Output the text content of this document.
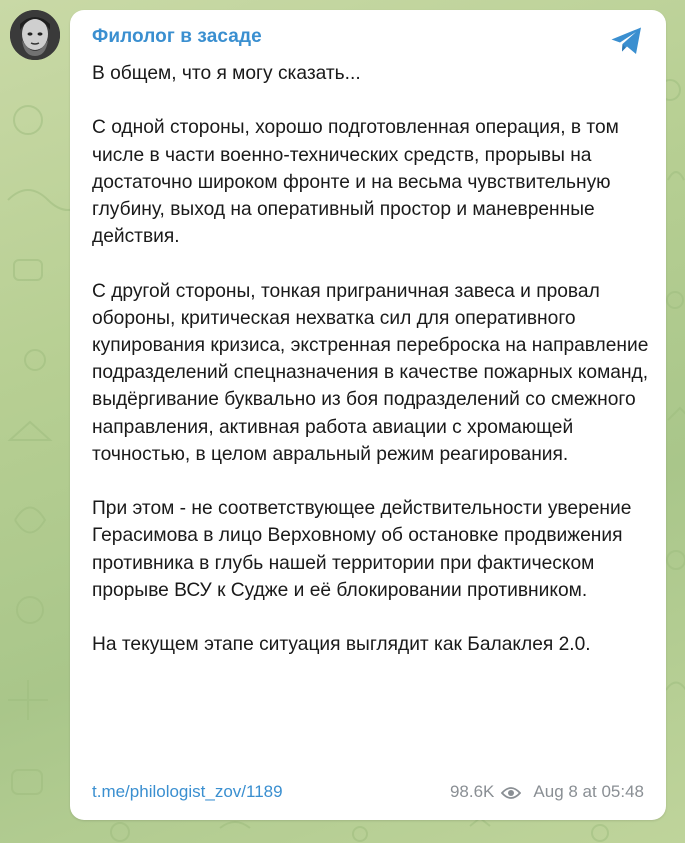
Филолог в засаде

В общем, что я могу сказать...

С одной стороны, хорошо подготовленная операция, в том числе в части военно-технических средств, прорывы на достаточно широком фронте и на весьма чувствительную глубину, выход на оперативный простор и маневренные действия.

С другой стороны, тонкая приграничная завеса и провал обороны, критическая нехватка сил для оперативного купирования кризиса, экстренная переброска на направление подразделений спецназначения в качестве пожарных команд, выдёргивание буквально из боя подразделений со смежного направления, активная работа авиации с хромающей точностью, в целом авральный режим реагирования.

При этом - не соответствующее действительности уверение Герасимова в лицо Верховному об остановке продвижения противника в глубь нашей территории при фактическом прорыве ВСУ к Судже и её блокировании противником.

На текущем этапе ситуация выглядит как Балаклея 2.0.

t.me/philologist_zov/1189	98.6K Aug 8 at 05:48
